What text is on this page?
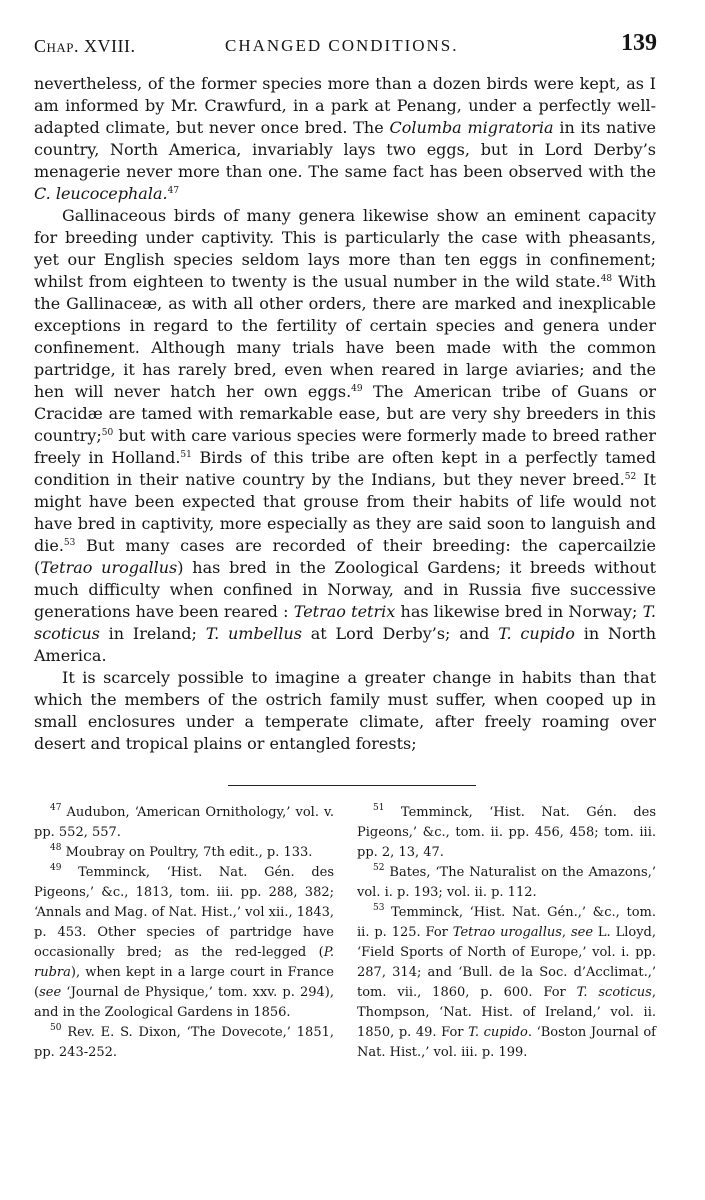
Chap. XVIII.	CHANGED CONDITIONS.	139

nevertheless, of the former species more than a dozen birds were kept, as I am informed by Mr. Crawfurd, in a park at Penang, under a perfectly well-adapted climate, but never once bred. The Columba migratoria in its native country, North America, invariably lays two eggs, but in Lord Derby’s menagerie never more than one. The same fact has been observed with the C. leucocephala.$^{47}$

Gallinaceous birds of many genera likewise show an eminent capacity for breeding under captivity. This is particularly the case with pheasants, yet our English species seldom lays more than ten eggs in confinement; whilst from eighteen to twenty is the usual number in the wild state.$^{48}$ With the Gallinaceæ, as with all other orders, there are marked and inexplicable exceptions in regard to the fertility of certain species and genera under confinement. Although many trials have been made with the common partridge, it has rarely bred, even when reared in large aviaries; and the hen will never hatch her own eggs.$^{49}$ The American tribe of Guans or Cracidæ are tamed with remarkable ease, but are very shy breeders in this country;$^{50}$ but with care various species were formerly made to breed rather freely in Holland.$^{51}$ Birds of this tribe are often kept in a perfectly tamed condition in their native country by the Indians, but they never breed.$^{52}$ It might have been expected that grouse from their habits of life would not have bred in captivity, more especially as they are said soon to languish and die.$^{53}$ But many cases are recorded of their breeding: the capercailzie (Tetrao urogallus) has bred in the Zoological Gardens; it breeds without much difficulty when confined in Norway, and in Russia five successive generations have been reared : Tetrao tetrix has likewise bred in Norway; T. scoticus in Ireland; T. umbellus at Lord Derby’s; and T. cupido in North America.

It is scarcely possible to imagine a greater change in habits than that which the members of the ostrich family must suffer, when cooped up in small enclosures under a temperate climate, after freely roaming over desert and tropical plains or entangled forests;

$^{47}$ Audubon, ‘American Ornithology,’ vol. v. pp. 552, 557.

$^{48}$ Moubray on Poultry, 7th edit., p. 133.

$^{49}$ Temminck, ‘Hist. Nat. Gén. des Pigeons,’ &c., 1813, tom. iii. pp. 288, 382; ‘Annals and Mag. of Nat. Hist.,’ vol xii., 1843, p. 453. Other species of partridge have occasionally bred; as the red-legged (P. rubra), when kept in a large court in France (see ‘Journal de Physique,’ tom. xxv. p. 294), and in the Zoological Gardens in 1856.

$^{50}$ Rev. E. S. Dixon, ‘The Dovecote,’ 1851, pp. 243-252.

$^{51}$ Temminck, ‘Hist. Nat. Gén. des Pigeons,’ &c., tom. ii. pp. 456, 458; tom. iii. pp. 2, 13, 47.

$^{52}$ Bates, ‘The Naturalist on the Amazons,’ vol. i. p. 193; vol. ii. p. 112.

$^{53}$ Temminck, ‘Hist. Nat. Gén.,’ &c., tom. ii. p. 125. For Tetrao urogallus, see L. Lloyd, ‘Field Sports of North of Europe,’ vol. i. pp. 287, 314; and ‘Bull. de la Soc. d’Acclimat.,’ tom. vii., 1860, p. 600. For T. scoticus, Thompson, ‘Nat. Hist. of Ireland,’ vol. ii. 1850, p. 49. For T. cupido. ‘Boston Journal of Nat. Hist.,’ vol. iii. p. 199.
